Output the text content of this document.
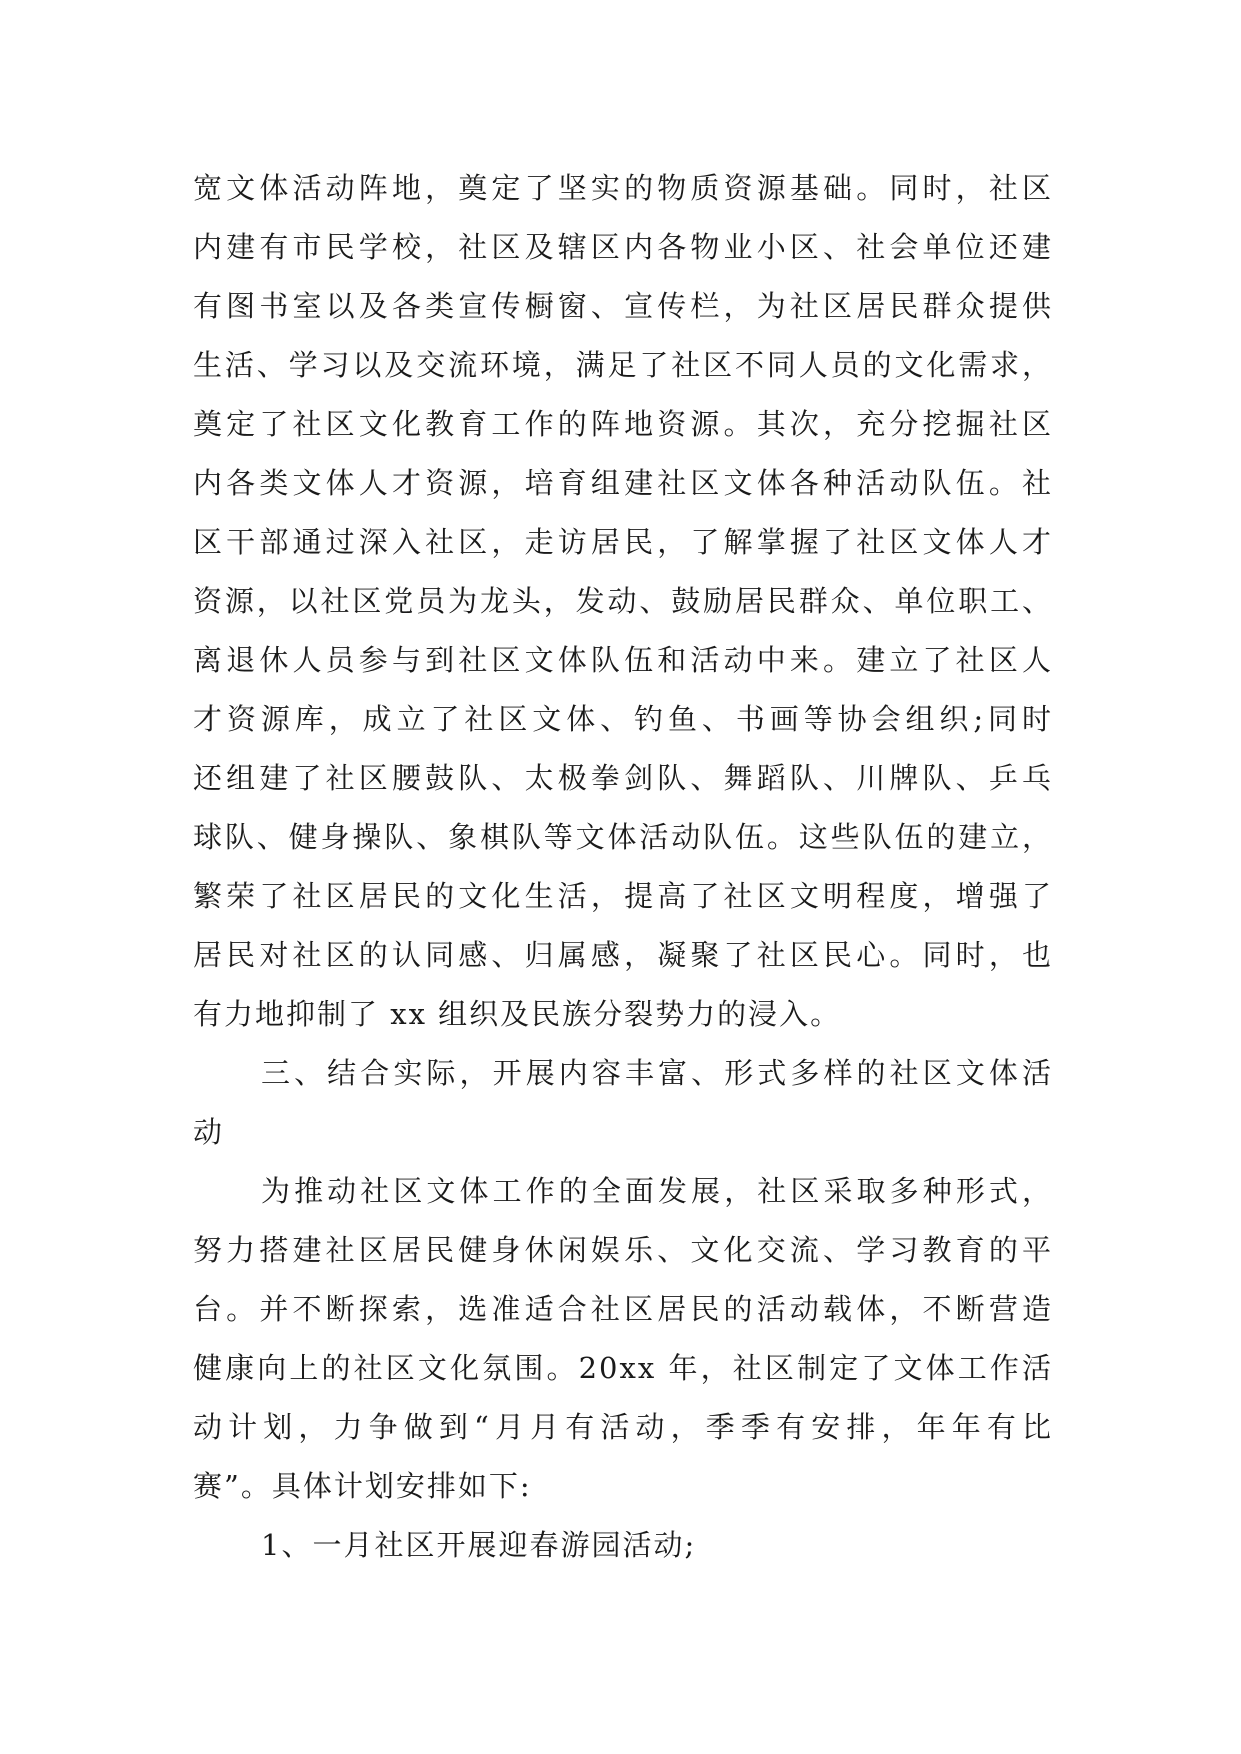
宽文体活动阵地，奠定了坚实的物质资源基础。同时，社区
内建有市民学校，社区及辖区内各物业小区、社会单位还建
有图书室以及各类宣传橱窗、宣传栏，为社区居民群众提供
生活、学习以及交流环境，满足了社区不同人员的文化需求，
奠定了社区文化教育工作的阵地资源。其次，充分挖掘社区
内各类文体人才资源，培育组建社区文体各种活动队伍。社
区干部通过深入社区，走访居民，了解掌握了社区文体人才
资源，以社区党员为龙头，发动、鼓励居民群众、单位职工、
离退休人员参与到社区文体队伍和活动中来。建立了社区人
才资源库，成立了社区文体、钓鱼、书画等协会组织;同时
还组建了社区腰鼓队、太极拳剑队、舞蹈队、川牌队、乒乓
球队、健身操队、象棋队等文体活动队伍。这些队伍的建立，
繁荣了社区居民的文化生活，提高了社区文明程度，增强了
居民对社区的认同感、归属感，凝聚了社区民心。同时，也
有力地抑制了 xx 组织及民族分裂势力的浸入。
三、结合实际，开展内容丰富、形式多样的社区文体活
动
为推动社区文体工作的全面发展，社区采取多种形式，
努力搭建社区居民健身休闲娱乐、文化交流、学习教育的平
台。并不断探索，选准适合社区居民的活动载体，不断营造
健康向上的社区文化氛围。20xx 年，社区制定了文体工作活
动计划，力争做到“月月有活动，季季有安排，年年有比
赛”。具体计划安排如下:
1、一月社区开展迎春游园活动;
